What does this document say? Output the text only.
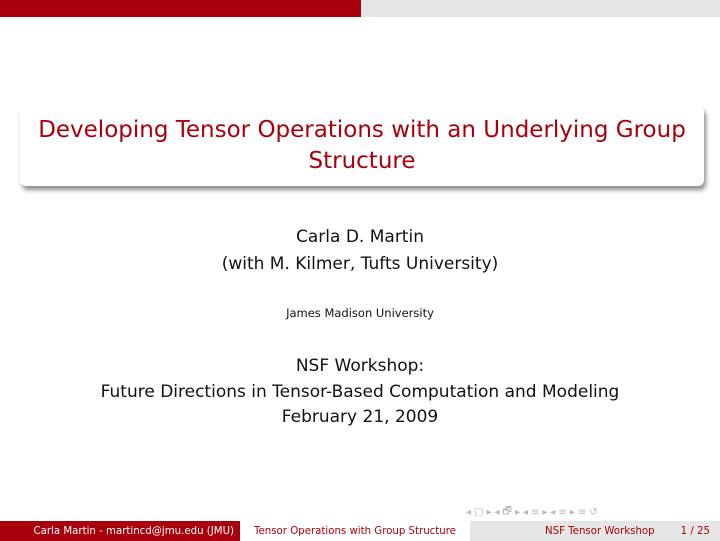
Developing Tensor Operations with an Underlying Group
Structure
Carla D. Martin
(with M. Kilmer, Tufts University)
James Madison University
NSF Workshop:
Future Directions in Tensor-Based Computation and Modeling
February 21, 2009
◂ □ ▸ ◂ 🗗 ▸ ◂ ≡ ▸ ◂ ≡ ▸ ≡ ↺
Carla Martin - martincd@jmu.edu (JMU)	Tensor Operations with Group Structure	NSF Tensor Workshop	1 / 25
